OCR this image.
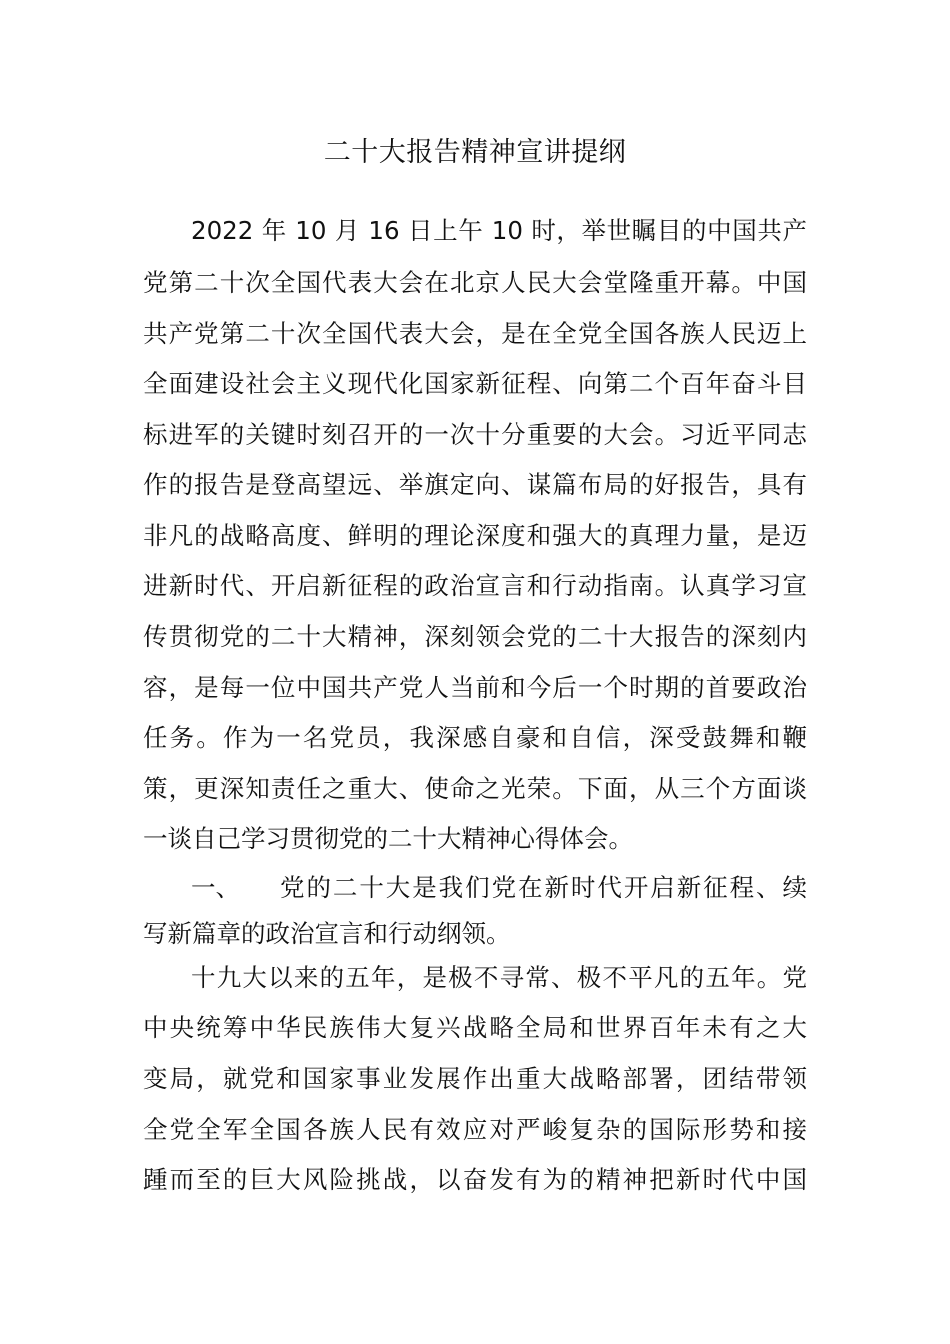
二十大报告精神宣讲提纲
2022 年 10 月 16 日上午 10 时，举世瞩目的中国共产
党第二十次全国代表大会在北京人民大会堂隆重开幕。中国
共产党第二十次全国代表大会，是在全党全国各族人民迈上
全面建设社会主义现代化国家新征程、向第二个百年奋斗目
标进军的关键时刻召开的一次十分重要的大会。习近平同志
作的报告是登高望远、举旗定向、谋篇布局的好报告，具有
非凡的战略高度、鲜明的理论深度和强大的真理力量，是迈
进新时代、开启新征程的政治宣言和行动指南。认真学习宣
传贯彻党的二十大精神，深刻领会党的二十大报告的深刻内
容，是每一位中国共产党人当前和今后一个时期的首要政治
任务。作为一名党员，我深感自豪和自信，深受鼓舞和鞭
策，更深知责任之重大、使命之光荣。下面，从三个方面谈
一谈自己学习贯彻党的二十大精神心得体会。
一、	党的二十大是我们党在新时代开启新征程、续
写新篇章的政治宣言和行动纲领。
十九大以来的五年，是极不寻常、极不平凡的五年。党
中央统筹中华民族伟大复兴战略全局和世界百年未有之大
变局，就党和国家事业发展作出重大战略部署，团结带领
全党全军全国各族人民有效应对严峻复杂的国际形势和接
踵而至的巨大风险挑战，以奋发有为的精神把新时代中国
